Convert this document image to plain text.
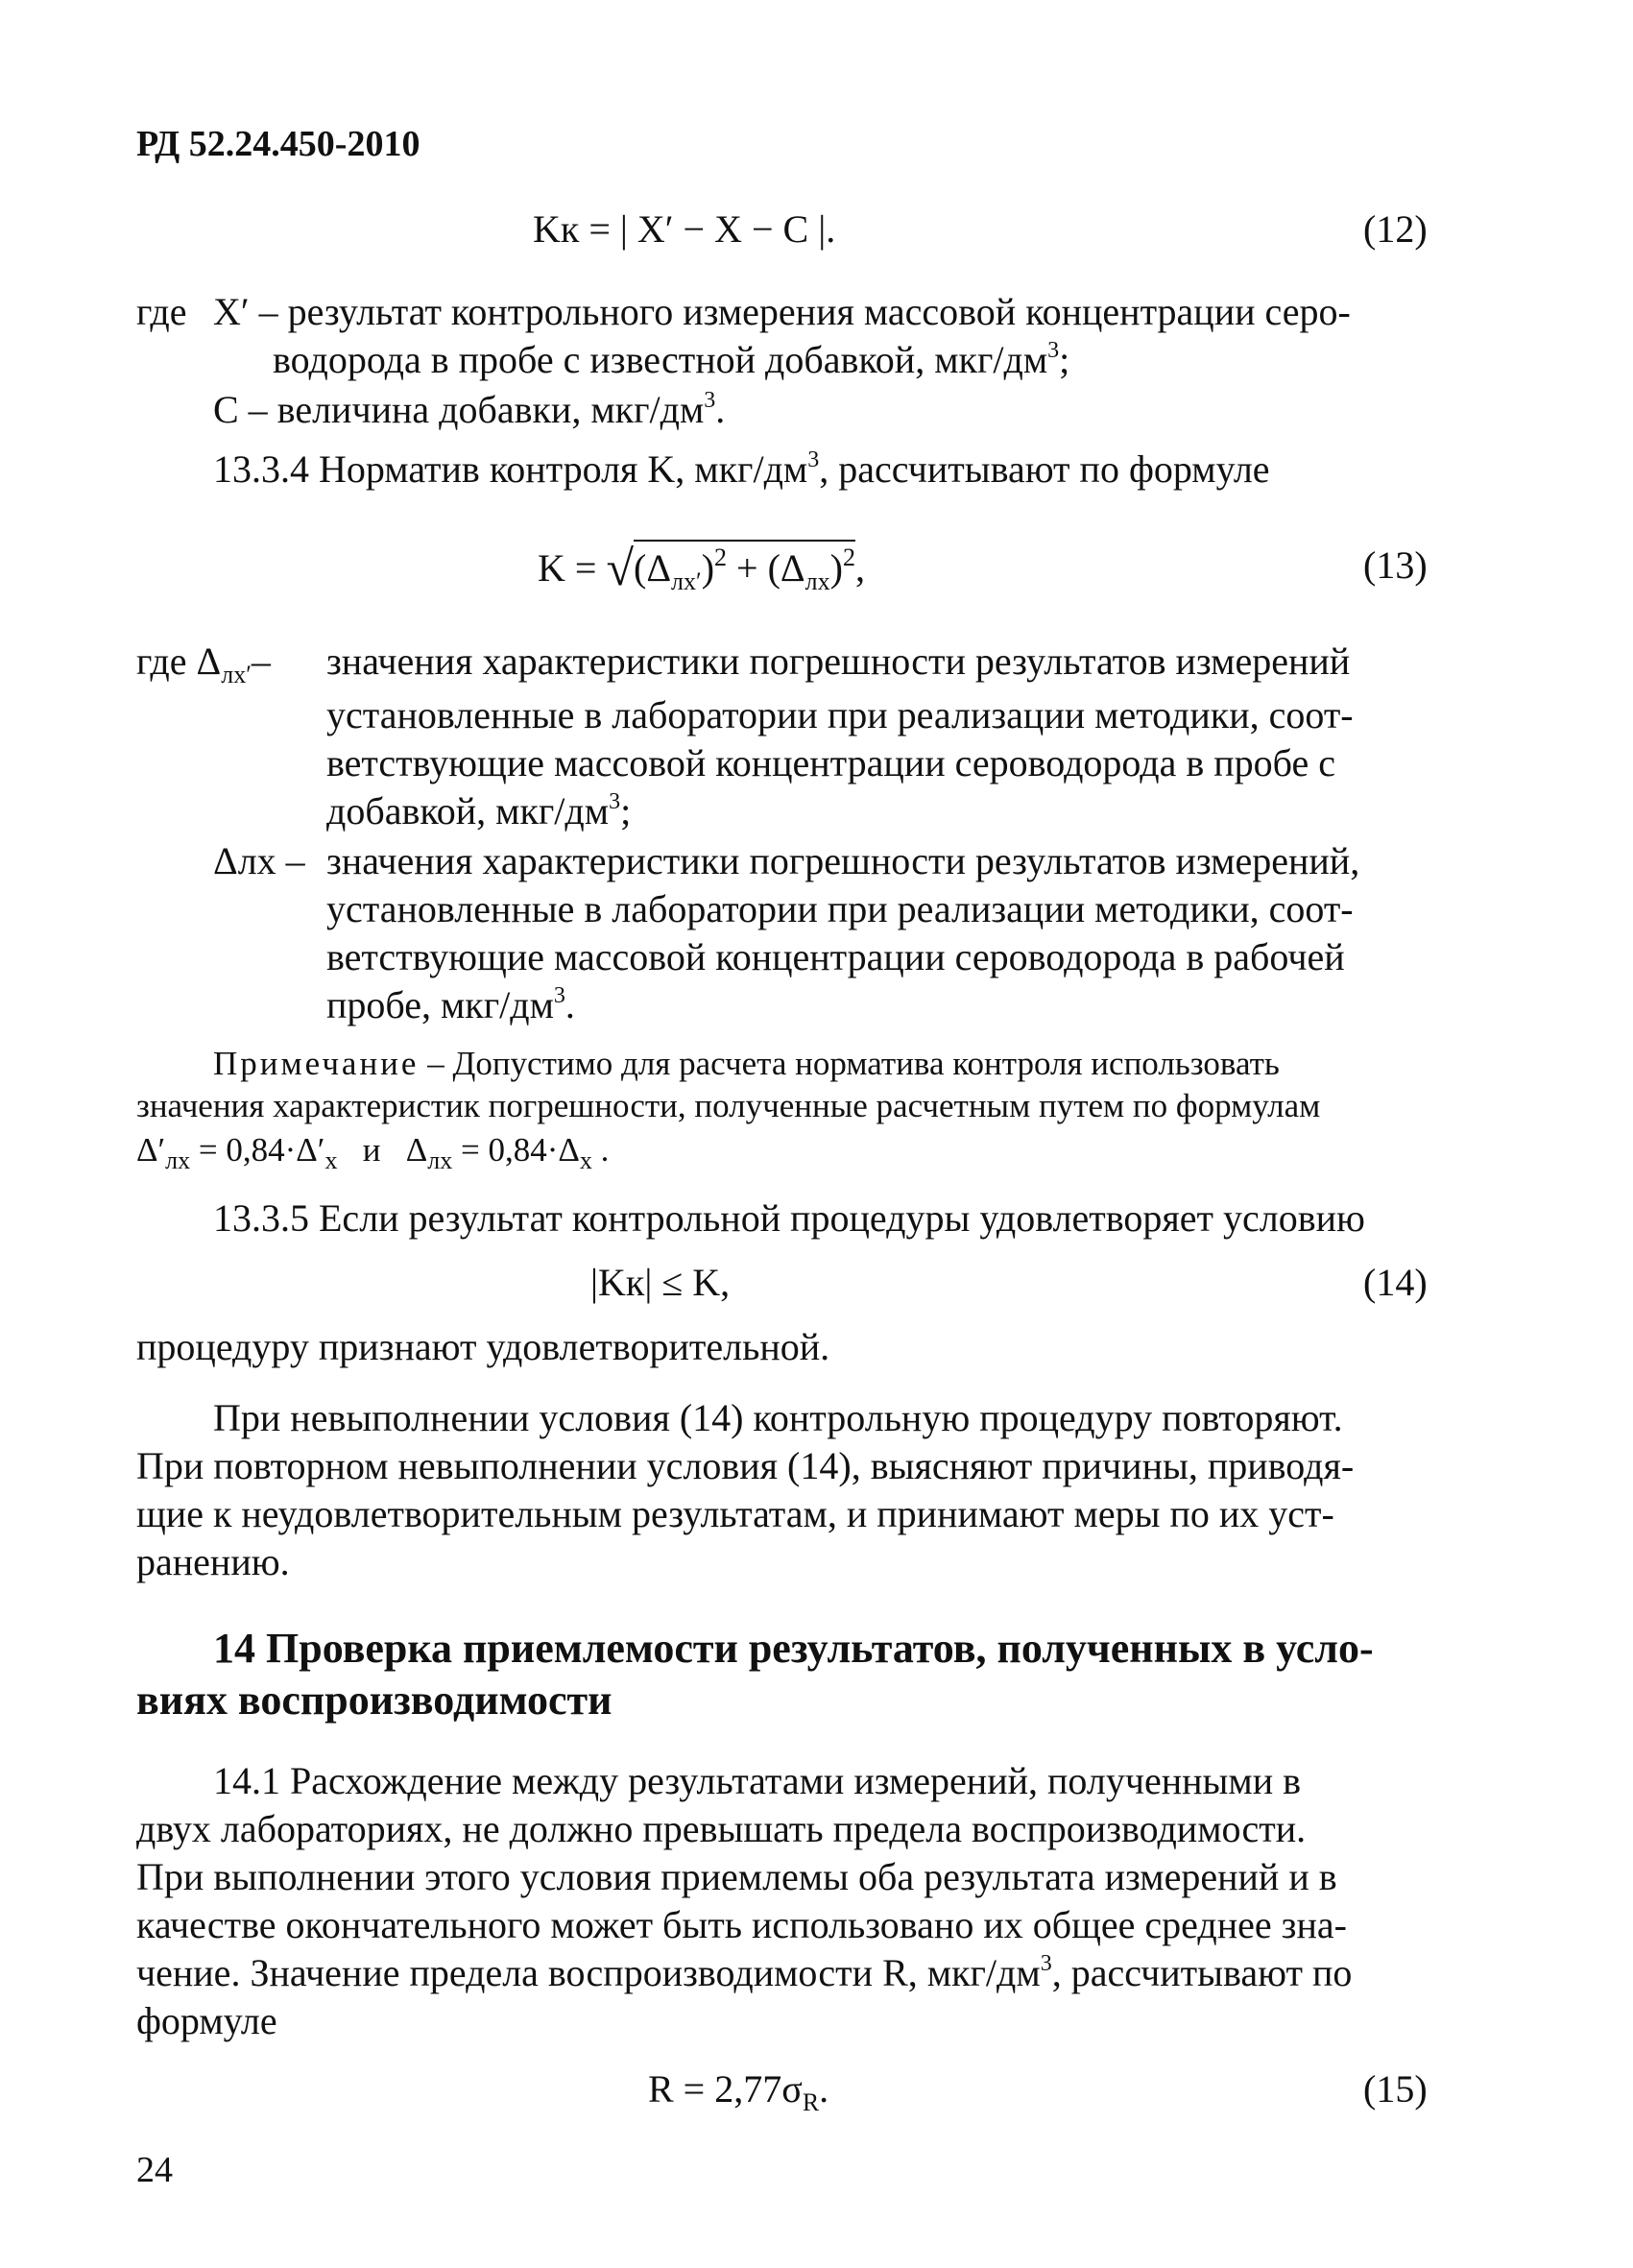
РД 52.24.450-2010
Kк = | X′ − X − C |.	(12)
где X′ – результат контрольного измерения массовой концентрации серо-
водорода в пробе с известной добавкой, мкг/$дм^3$;
C – величина добавки, мкг/$дм^3$.
13.3.4 Норматив контроля K, мкг/$дм^3$, рассчитывают по формуле
$K = √(\Delta_{лх'})^2 + (\Delta_{лх})^2$,	(13)
где $\Delta_{лх'}-$ значения характеристики погрешности результатов измерений
установленные в лаборатории при реализации методики, соот-
ветствующие массовой концентрации сероводорода в пробе с
добавкой, мкг/$дм^3$;
Δлх – значения характеристики погрешности результатов измерений,
установленные в лаборатории при реализации методики, соот-
ветствующие массовой концентрации сероводорода в рабочей
пробе, мкг/$дм^3$.
Примечание – Допустимо для расчета норматива контроля использовать
значения характеристик погрешности, полученные расчетным путем по формулам
$\Delta'_{лх} = 0,84\cdot\Delta'_х$ и $\Delta_{лх} = 0,84\cdot\Delta_х$ .
13.3.5 Если результат контрольной процедуры удовлетворяет условию
|Kк| ≤ K,	(14)
процедуру признают удовлетворительной.
При невыполнении условия (14) контрольную процедуру повторяют.
При повторном невыполнении условия (14), выясняют причины, приводя-
щие к неудовлетворительным результатам, и принимают меры по их уст-
ранению.
14 Проверка приемлемости результатов, полученных в усло-
виях воспроизводимости
14.1 Расхождение между результатами измерений, полученными в
двух лабораториях, не должно превышать предела воспроизводимости.
При выполнении этого условия приемлемы оба результата измерений и в
качестве окончательного может быть использовано их общее среднее зна-
чение. Значение предела воспроизводимости R, мкг/$дм^3$, рассчитывают по
формуле
$R = 2,77\sigma_R$.	(15)
24
